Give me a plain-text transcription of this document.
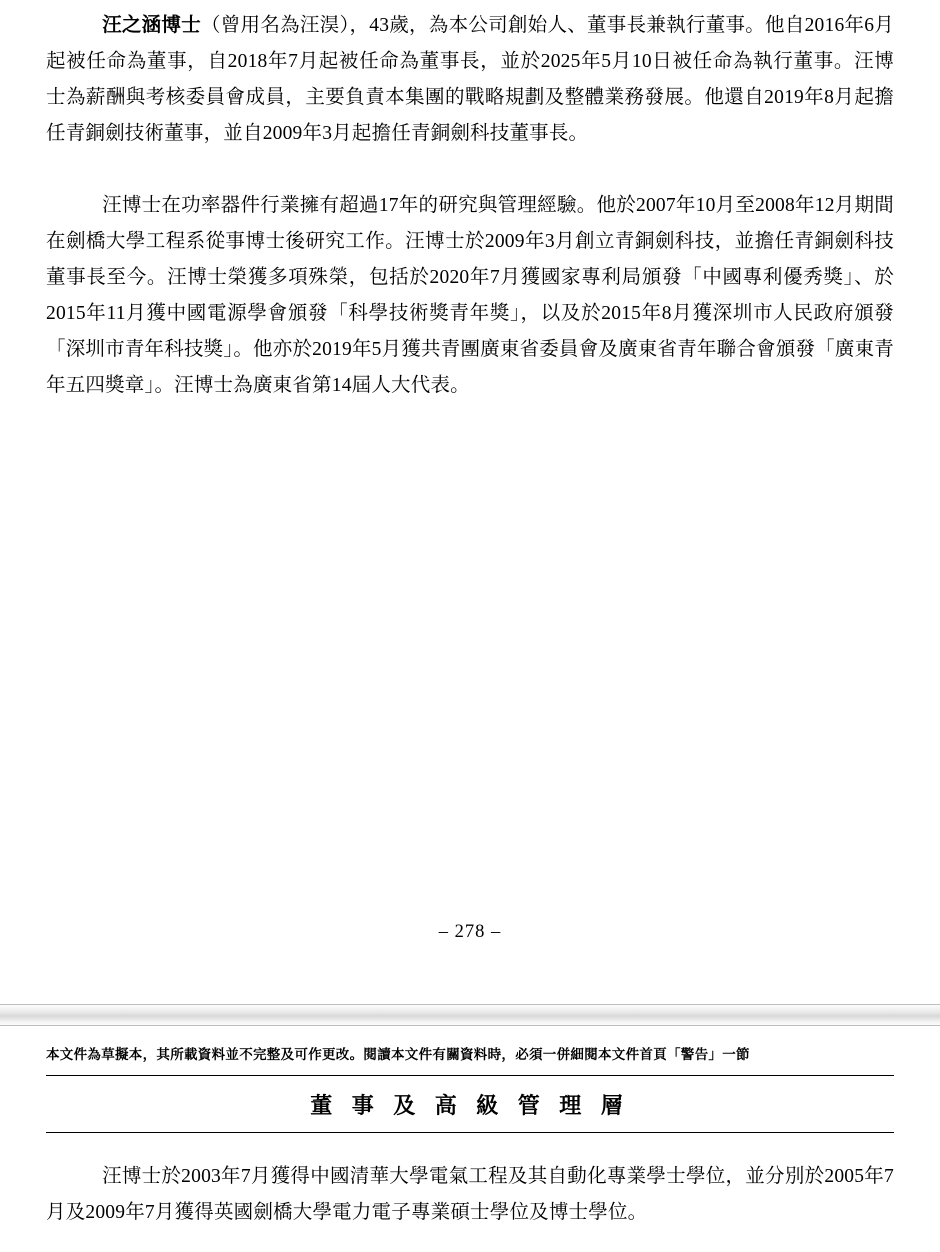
汪之涵博士（曾用名為汪淏），43歲，為本公司創始人、董事長兼執行董事。他自2016年6月起被任命為董事，自2018年7月起被任命為董事長，並於2025年5月10日被任命為執行董事。汪博士為薪酬與考核委員會成員，主要負責本集團的戰略規劃及整體業務發展。他還自2019年8月起擔任青銅劍技術董事，並自2009年3月起擔任青銅劍科技董事長。

汪博士在功率器件行業擁有超過17年的研究與管理經驗。他於2007年10月至2008年12月期間在劍橋大學工程系從事博士後研究工作。汪博士於2009年3月創立青銅劍科技，並擔任青銅劍科技董事長至今。汪博士榮獲多項殊榮，包括於2020年7月獲國家專利局頒發「中國專利優秀獎」、於2015年11月獲中國電源學會頒發「科學技術獎青年獎」，以及於2015年8月獲深圳市人民政府頒發「深圳市青年科技獎」。他亦於2019年5月獲共青團廣東省委員會及廣東省青年聯合會頒發「廣東青年五四獎章」。汪博士為廣東省第14屆人大代表。

– 278 –
本文件為草擬本，其所載資料並不完整及可作更改。閱讀本文件有關資料時，必須一併細閱本文件首頁「警告」一節
董 事 及 高 級 管 理 層

汪博士於2003年7月獲得中國清華大學電氣工程及其自動化專業學士學位，並分別於2005年7月及2009年7月獲得英國劍橋大學電力電子專業碩士學位及博士學位。
